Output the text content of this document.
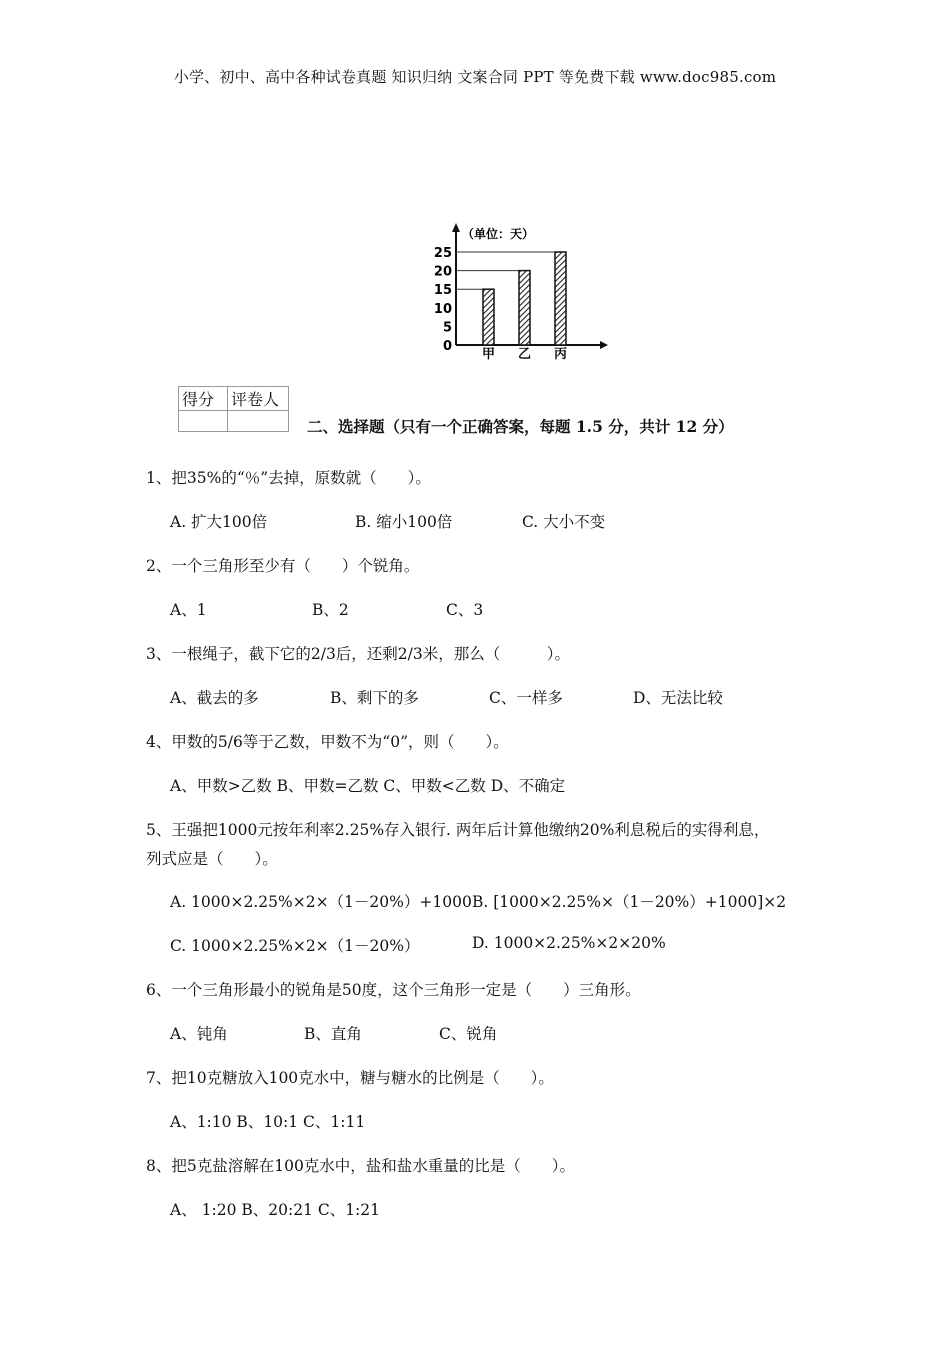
小学、初中、高中各种试卷真题 知识归纳 文案合同 PPT 等免费下载 www.doc985.com
（单位：天）
0
5
10
15
20
25
甲 乙 丙
得分	评卷人

二、选择题（只有一个正确答案，每题 1.5 分，共计 12 分）
1、把35%的“％”去掉，原数就（　　）。
A. 扩大100倍	B. 缩小100倍	C. 大小不变
2、一个三角形至少有（　　）个锐角。
A、1	B、2	C、3
3、一根绳子，截下它的2/3后，还剩2/3米，那么（　　　）。
A、截去的多	B、剩下的多	C、一样多	D、无法比较
4、甲数的5/6等于乙数，甲数不为“0”，则（　　）。
A、甲数>乙数 B、甲数=乙数 C、甲数<乙数 D、不确定
5、王强把1000元按年利率2.25%存入银行. 两年后计算他缴纳20%利息税后的实得利息，
列式应是（　　）。
A. 1000×2.25%×2×（1－20%）+1000 B. [1000×2.25%×（1－20%）+1000]×2
C. 1000×2.25%×2×（1－20%）	D. 1000×2.25%×2×20%
6、一个三角形最小的锐角是50度，这个三角形一定是（　　）三角形。
A、钝角	B、直角	C、锐角
7、把10克糖放入100克水中，糖与糖水的比例是（　　）。
A、1:10 B、10:1 C、1:11
8、把5克盐溶解在100克水中，盐和盐水重量的比是（　　）。
A、 1:20 B、20:21 C、1:21
